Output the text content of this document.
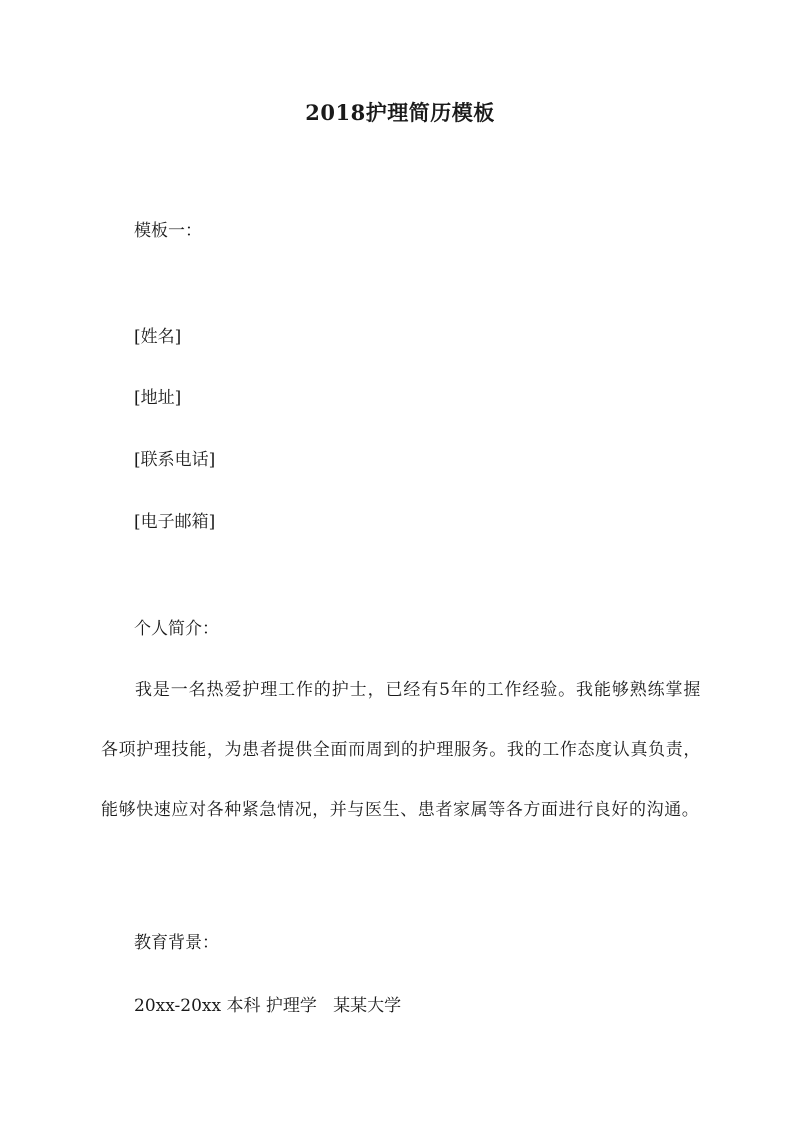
2018护理简历模板

模板一：

[姓名]

[地址]

[联系电话]

[电子邮箱]

个人简介：

我是一名热爱护理工作的护士，已经有5年的工作经验。我能够熟练掌握各项护理技能，为患者提供全面而周到的护理服务。我的工作态度认真负责，能够快速应对各种紧急情况，并与医生、患者家属等各方面进行良好的沟通。

教育背景：

20xx-20xx 本科 护理学   某某大学
